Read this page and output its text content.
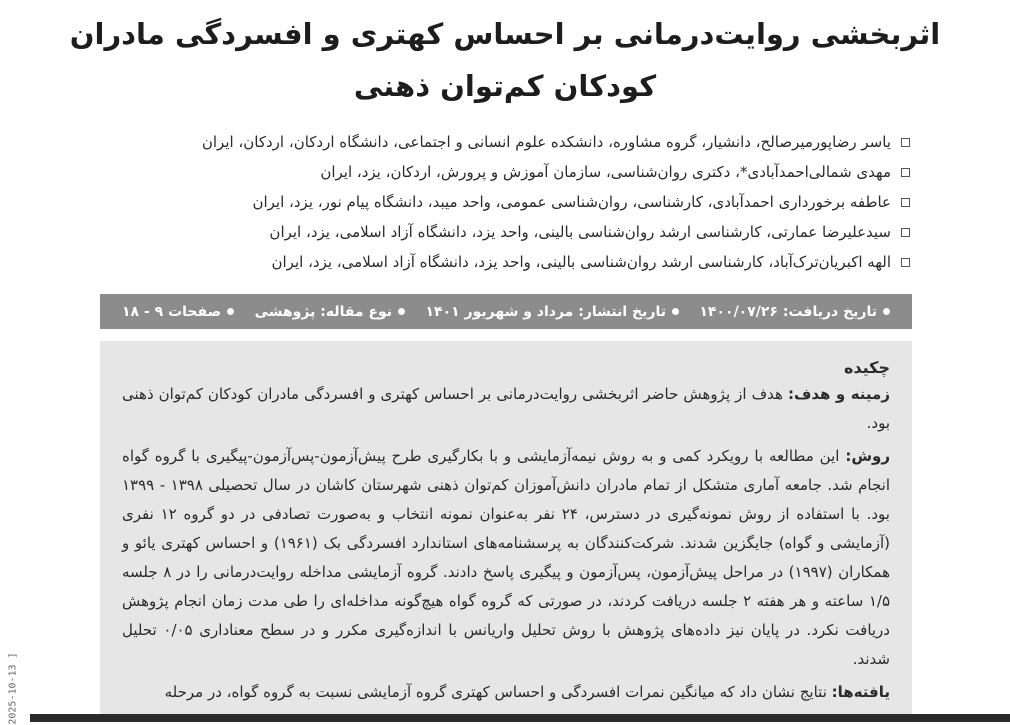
اثربخشی روایت‌درمانی بر احساس کهتری و افسردگی مادران
کودکان کم‌توان ذهنی
یاسر رضاپورمیرصالح، دانشیار، گروه مشاوره، دانشکده علوم انسانی و اجتماعی، دانشگاه اردکان، اردکان، ایران
مهدی شمالی‌احمدآبادی*، دکتری روان‌شناسی، سازمان آموزش و پرورش، اردکان، یزد، ایران
عاطفه برخورداری احمدآبادی، کارشناسی، روان‌شناسی عمومی، واحد میبد، دانشگاه پیام نور، یزد، ایران
سیدعلیرضا عمارتی، کارشناسی ارشد روان‌شناسی بالینی، واحد یزد، دانشگاه آزاد اسلامی، یزد، ایران
الهه اکبریان‌ترک‌آباد، کارشناسی ارشد روان‌شناسی بالینی، واحد یزد، دانشگاه آزاد اسلامی، یزد، ایران
تاریخ دریافت: ۱۴۰۰/۰۷/۲۶
تاریخ انتشار: مرداد و شهریور ۱۴۰۱
نوع مقاله: پژوهشی
صفحات ۹ - ۱۸
چکیده

زمینه و هدف: هدف از پژوهش حاضر اثربخشی روایت‌درمانی بر احساس کهتری و افسردگی مادران کودکان کم‌توان ذهنی بود.

روش: این مطالعه با رویکرد کمی و به روش نیمه‌آزمایشی و با بکارگیری طرح پیش‌آزمون-پس‌آزمون-پیگیری با گروه گواه انجام شد. جامعه آماری متشکل از تمام مادران دانش‌آموزان کم‌توان ذهنی شهرستان کاشان در سال تحصیلی ۱۳۹۸ - ۱۳۹۹ بود. با استفاده از روش نمونه‌گیری در دسترس، ۲۴ نفر به‌عنوان نمونه انتخاب و به‌صورت تصادفی در دو گروه ۱۲ نفری (آزمایشی و گواه) جایگزین شدند. شرکت‌کنندگان به پرسشنامه‌های استاندارد افسردگی بک (۱۹۶۱) و احساس کهتری یائو و همکاران (۱۹۹۷) در مراحل پیش‌آزمون، پس‌آزمون و پیگیری پاسخ دادند. گروه آزمایشی مداخله روایت‌درمانی را در ۸ جلسه ۱/۵ ساعته و هر هفته ۲ جلسه دریافت کردند، در صورتی که گروه گواه هیچ‌گونه مداخله‌ای را طی مدت زمان انجام پژوهش دریافت نکرد. در پایان نیز داده‌های پژوهش با روش تحلیل واریانس با اندازه‌گیری مکرر و در سطح معناداری ۰/۰۵ تحلیل شدند.

یافته‌ها: نتایج نشان داد که میانگین نمرات افسردگی و احساس کهتری گروه آزمایشی نسبت به گروه گواه، در مرحله

2025-10-13 ]
